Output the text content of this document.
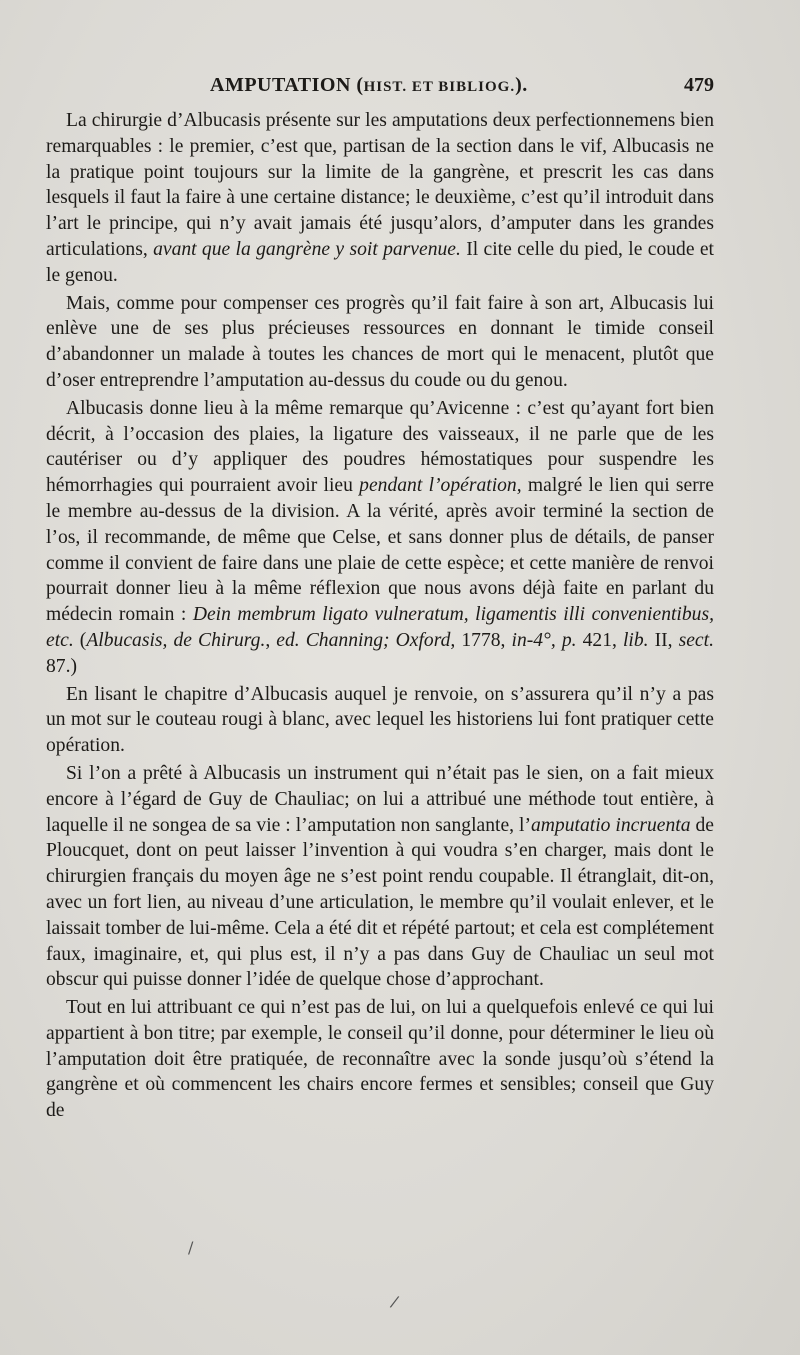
AMPUTATION (HIST. ET BIBLIOG.).	479

La chirurgie d’Albucasis présente sur les amputations deux perfectionnemens bien remarquables : le premier, c’est que, partisan de la section dans le vif, Albucasis ne la pratique point toujours sur la limite de la gangrène, et prescrit les cas dans lesquels il faut la faire à une certaine distance; le deuxième, c’est qu’il introduit dans l’art le principe, qui n’y avait jamais été jusqu’alors, d’amputer dans les grandes articulations, avant que la gangrène y soit parvenue. Il cite celle du pied, le coude et le genou.

Mais, comme pour compenser ces progrès qu’il fait faire à son art, Albucasis lui enlève une de ses plus précieuses ressources en donnant le timide conseil d’abandonner un malade à toutes les chances de mort qui le menacent, plutôt que d’oser entreprendre l’amputation au-dessus du coude ou du genou.

Albucasis donne lieu à la même remarque qu’Avicenne : c’est qu’ayant fort bien décrit, à l’occasion des plaies, la ligature des vaisseaux, il ne parle que de les cautériser ou d’y appliquer des poudres hémostatiques pour suspendre les hémorrhagies qui pourraient avoir lieu pendant l’opération, malgré le lien qui serre le membre au-dessus de la division. A la vérité, après avoir terminé la section de l’os, il recommande, de même que Celse, et sans donner plus de détails, de panser comme il convient de faire dans une plaie de cette espèce; et cette manière de renvoi pourrait donner lieu à la même réflexion que nous avons déjà faite en parlant du médecin romain : Dein membrum ligato vulneratum, ligamentis illi convenientibus, etc. (Albucasis, de Chirurg., ed. Channing; Oxford, 1778, in-4°, p. 421, lib. II, sect. 87.)

En lisant le chapitre d’Albucasis auquel je renvoie, on s’assurera qu’il n’y a pas un mot sur le couteau rougi à blanc, avec lequel les historiens lui font pratiquer cette opération.

Si l’on a prêté à Albucasis un instrument qui n’était pas le sien, on a fait mieux encore à l’égard de Guy de Chauliac; on lui a attribué une méthode tout entière, à laquelle il ne songea de sa vie : l’amputation non sanglante, l’amputatio incruenta de Ploucquet, dont on peut laisser l’invention à qui voudra s’en charger, mais dont le chirurgien français du moyen âge ne s’est point rendu coupable. Il étranglait, dit-on, avec un fort lien, au niveau d’une articulation, le membre qu’il voulait enlever, et le laissait tomber de lui-même. Cela a été dit et répété partout; et cela est complétement faux, imaginaire, et, qui plus est, il n’y a pas dans Guy de Chauliac un seul mot obscur qui puisse donner l’idée de quelque chose d’approchant.

Tout en lui attribuant ce qui n’est pas de lui, on lui a quelquefois enlevé ce qui lui appartient à bon titre; par exemple, le conseil qu’il donne, pour déterminer le lieu où l’amputation doit être pratiquée, de reconnaître avec la sonde jusqu’où s’étend la gangrène et où commencent les chairs encore fermes et sensibles; conseil que Guy de

/
/
